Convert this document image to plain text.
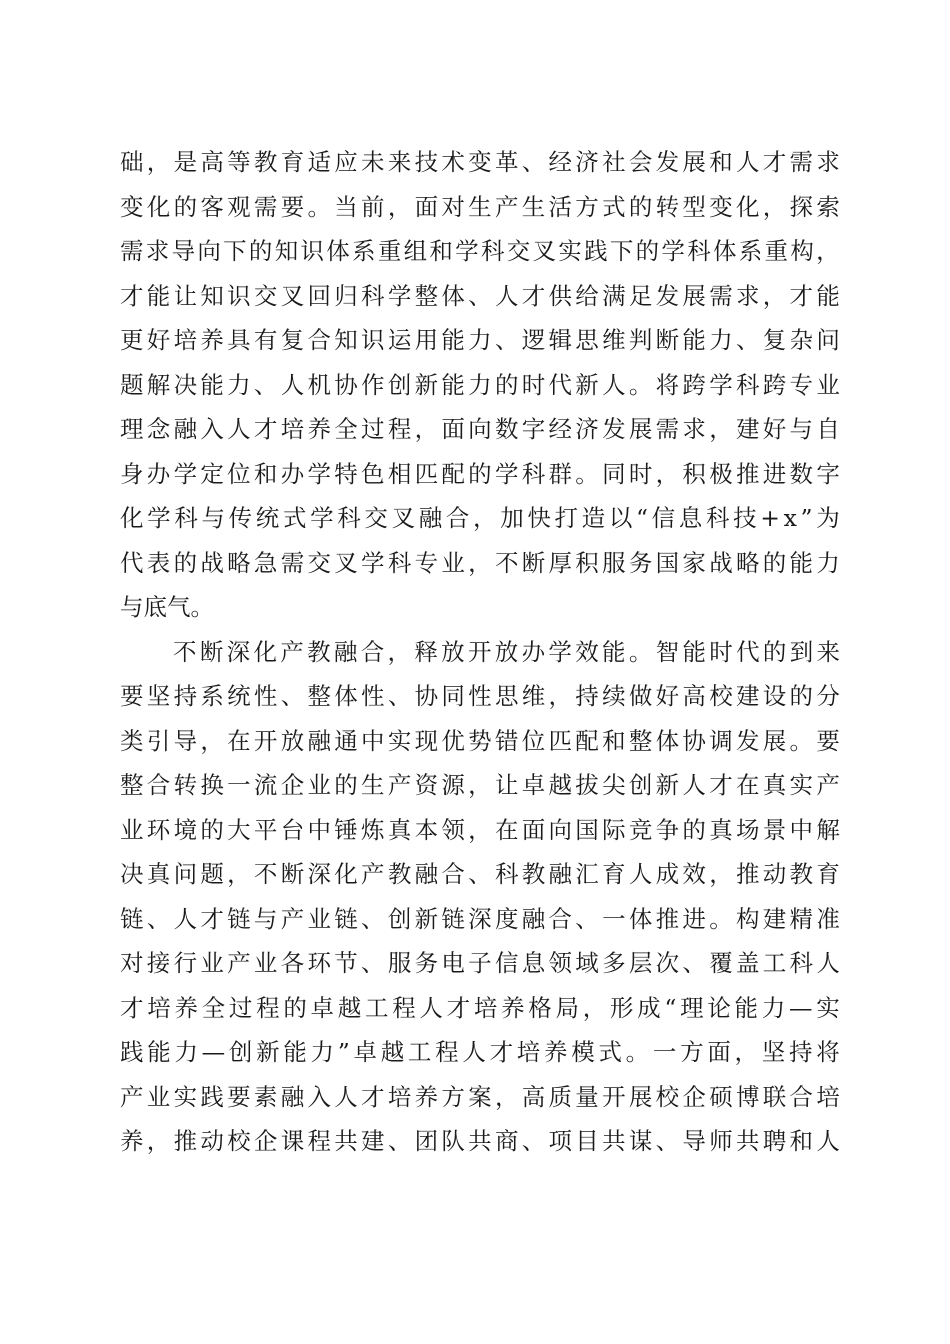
础 ， 是 高 等 教 育 适 应 未 来 技 术 变 革 、 经 济 社 会 发 展 和 人 才 需 求
变 化 的 客 观 需 要 。 当 前 ， 面 对 生 产 生 活 方 式 的 转 型 变 化 ， 探 索
需 求 导 向 下 的 知 识 体 系 重 组 和 学 科 交 叉 实 践 下 的 学 科 体 系 重 构 ，
才 能 让 知 识 交 叉 回 归 科 学 整 体 、 人 才 供 给 满 足 发 展 需 求 ， 才 能
更 好 培 养 具 有 复 合 知 识 运 用 能 力 、 逻 辑 思 维 判 断 能 力 、 复 杂 问
题 解 决 能 力 、 人 机 协 作 创 新 能 力 的 时 代 新 人 。 将 跨 学 科 跨 专 业
理 念 融 入 人 才 培 养 全 过 程 ， 面 向 数 字 经 济 发 展 需 求 ， 建 好 与 自
身 办 学 定 位 和 办 学 特 色 相 匹 配 的 学 科 群 。 同 时 ， 积 极 推 进 数 字
化 学 科 与 传 统 式 学 科 交 叉 融 合 ， 加 快 打 造 以 “ 信 息 科 技 + x ” 为
代 表 的 战 略 急 需 交 叉 学 科 专 业 ， 不 断 厚 积 服 务 国 家 战 略 的 能 力
与底气。
不 断 深 化 产 教 融 合 ， 释 放 开 放 办 学 效 能 。 智 能 时 代 的 到 来
要 坚 持 系 统 性 、 整 体 性 、 协 同 性 思 维 ， 持 续 做 好 高 校 建 设 的 分
类 引 导 ， 在 开 放 融 通 中 实 现 优 势 错 位 匹 配 和 整 体 协 调 发 展 。 要
整 合 转 换 一 流 企 业 的 生 产 资 源 ， 让 卓 越 拔 尖 创 新 人 才 在 真 实 产
业 环 境 的 大 平 台 中 锤 炼 真 本 领 ， 在 面 向 国 际 竞 争 的 真 场 景 中 解
决 真 问 题 ， 不 断 深 化 产 教 融 合 、 科 教 融 汇 育 人 成 效 ， 推 动 教 育
链 、 人 才 链 与 产 业 链 、 创 新 链 深 度 融 合 、 一 体 推 进 。 构 建 精 准
对 接 行 业 产 业 各 环 节 、 服 务 电 子 信 息 领 域 多 层 次 、 覆 盖 工 科 人
才 培 养 全 过 程 的 卓 越 工 程 人 才 培 养 格 局 ， 形 成 “ 理 论 能 力 — 实
践 能 力 — 创 新 能 力 ” 卓 越 工 程 人 才 培 养 模 式 。 一 方 面 ， 坚 持 将
产 业 实 践 要 素 融 入 人 才 培 养 方 案 ， 高 质 量 开 展 校 企 硕 博 联 合 培
养 ， 推 动 校 企 课 程 共 建 、 团 队 共 商 、 项 目 共 谋 、 导 师 共 聘 和 人
